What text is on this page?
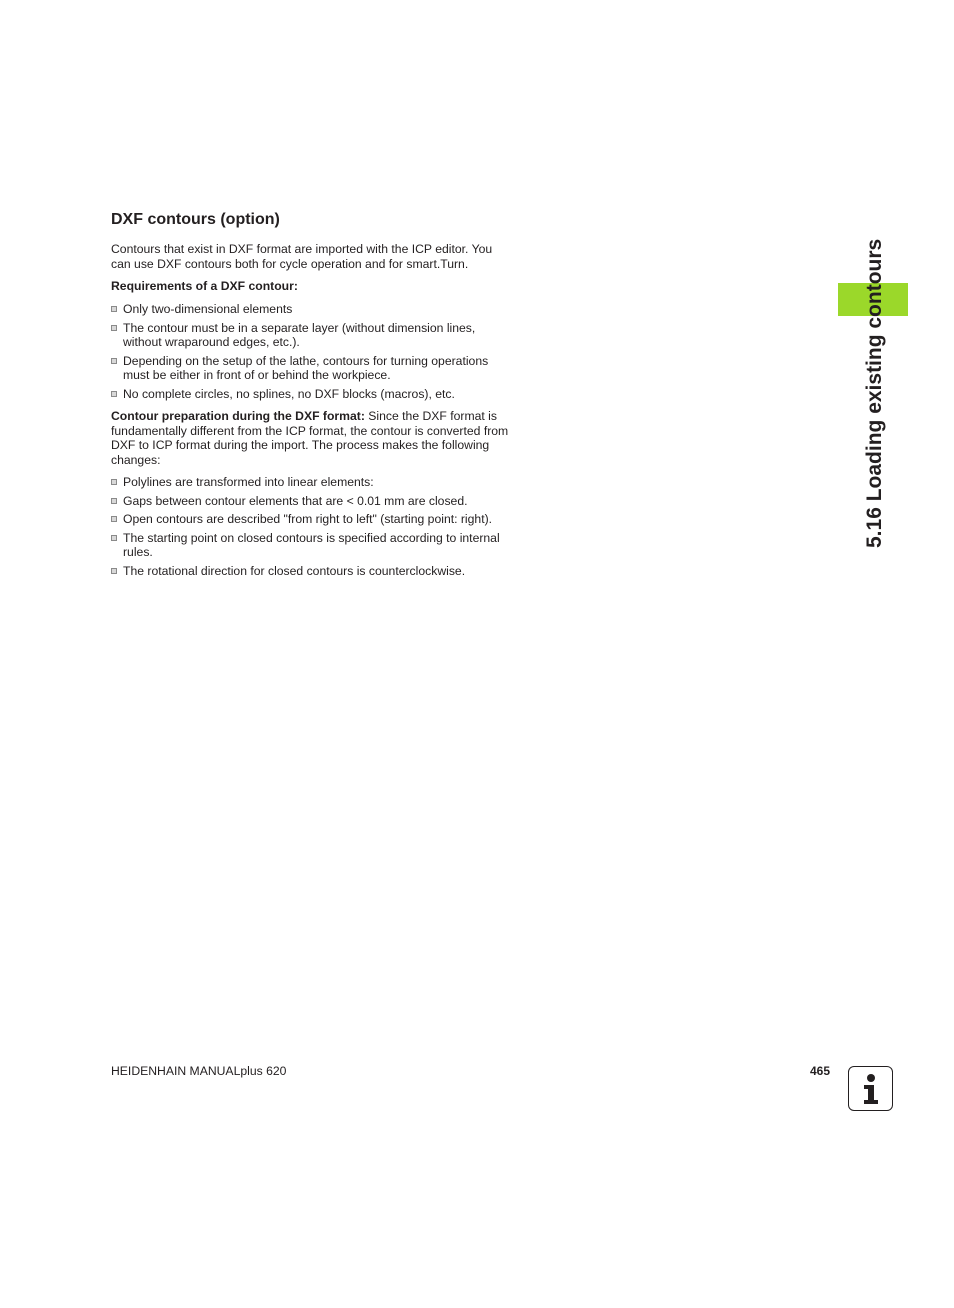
DXF contours (option)

Contours that exist in DXF format are imported with the ICP editor. You can use DXF contours both for cycle operation and for smart.Turn.

Requirements of a DXF contour:

Only two-dimensional elements
The contour must be in a separate layer (without dimension lines, without wraparound edges, etc.).
Depending on the setup of the lathe, contours for turning operations must be either in front of or behind the workpiece.
No complete circles, no splines, no DXF blocks (macros), etc.

Contour preparation during the DXF format: Since the DXF format is fundamentally different from the ICP format, the contour is converted from DXF to ICP format during the import. The process makes the following changes:

Polylines are transformed into linear elements:
Gaps between contour elements that are < 0.01 mm are closed.
Open contours are described "from right to left" (starting point: right).
The starting point on closed contours is specified according to internal rules.
The rotational direction for closed contours is counterclockwise.
5.16 Loading existing contours
HEIDENHAIN MANUALplus 620	465
